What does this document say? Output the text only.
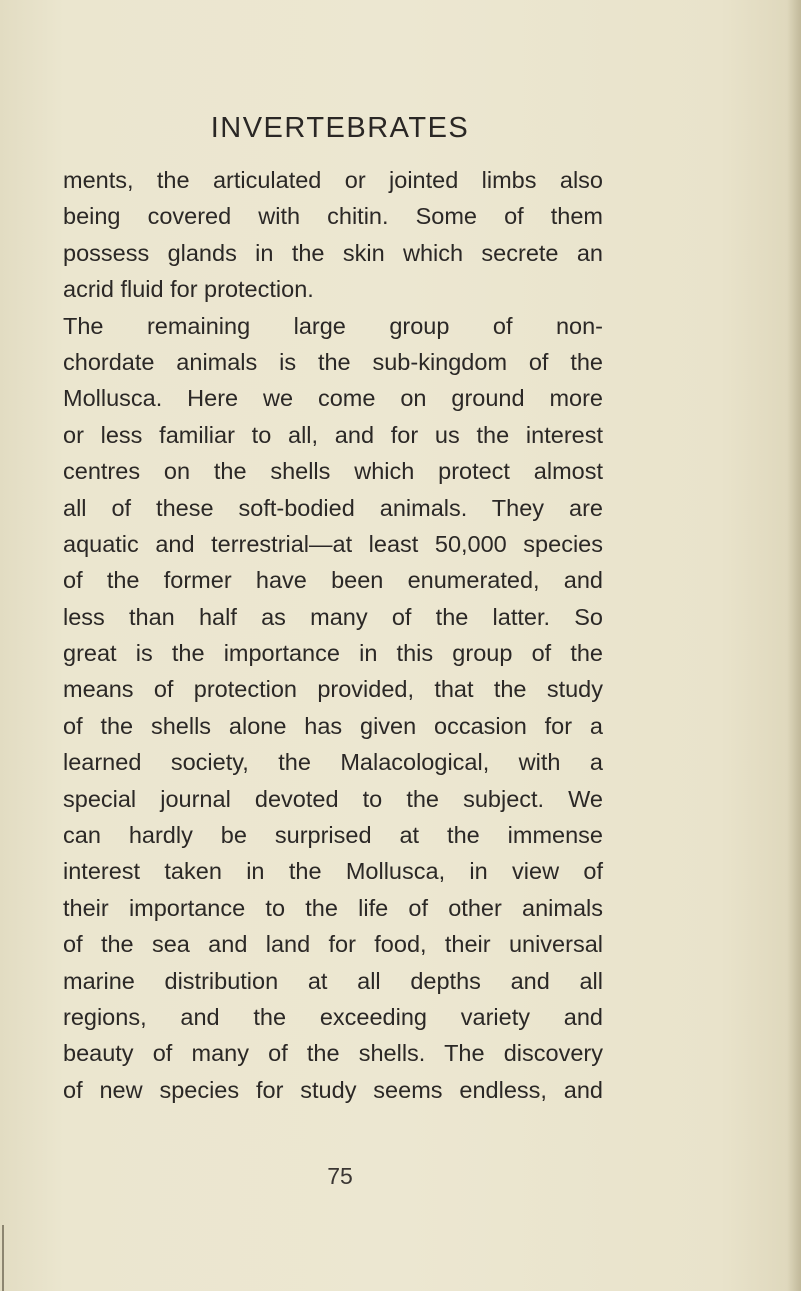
INVERTEBRATES
ments, the articulated or jointed limbs also
being covered with chitin. Some of them
possess glands in the skin which secrete an
acrid fluid for protection.
The remaining large group of non-
chordate animals is the sub-kingdom of the
Mollusca. Here we come on ground more
or less familiar to all, and for us the interest
centres on the shells which protect almost
all of these soft-bodied animals. They are
aquatic and terrestrial—at least 50,000 species
of the former have been enumerated, and
less than half as many of the latter. So
great is the importance in this group of the
means of protection provided, that the study
of the shells alone has given occasion for a
learned society, the Malacological, with a
special journal devoted to the subject. We
can hardly be surprised at the immense
interest taken in the Mollusca, in view of
their importance to the life of other animals
of the sea and land for food, their universal
marine distribution at all depths and all
regions, and the exceeding variety and
beauty of many of the shells. The discovery
of new species for study seems endless, and
75
